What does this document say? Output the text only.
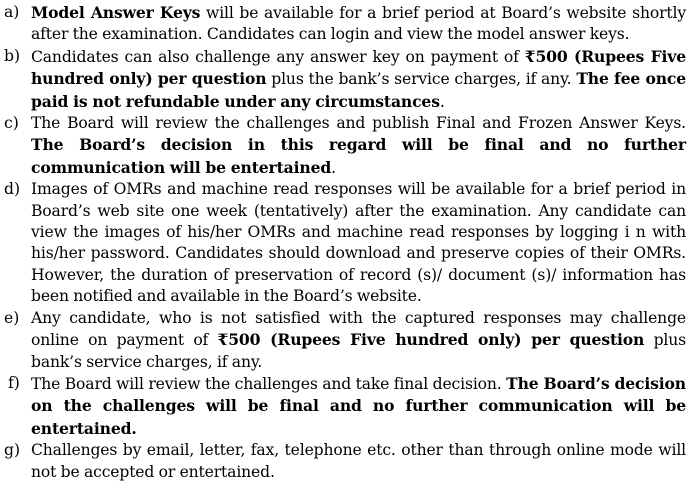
a) Model Answer Keys will be available for a brief period at Board’s website shortly after the examination. Candidates can login and view the model answer keys.
b) Candidates can also challenge any answer key on payment of ₹500 (Rupees Five hundred only) per question plus the bank’s service charges, if any. The fee once paid is not refundable under any circumstances.
c) The Board will review the challenges and publish Final and Frozen Answer Keys. The Board’s decision in this regard will be final and no further communication will be entertained.
d) Images of OMRs and machine read responses will be available for a brief period in Board’s web site one week (tentatively) after the examination. Any candidate can view the images of his/her OMRs and machine read responses by logging i n with his/her password. Candidates should download and preserve copies of their OMRs. However, the duration of preservation of record (s)/ document (s)/ information has been notified and available in the Board’s website.
e) Any candidate, who is not satisfied with the captured responses may challenge online on payment of ₹500 (Rupees Five hundred only) per question plus bank’s service charges, if any.
f) The Board will review the challenges and take final decision. The Board’s decision on the challenges will be final and no further communication will be entertained.
g) Challenges by email, letter, fax, telephone etc. other than through online mode will not be accepted or entertained.
